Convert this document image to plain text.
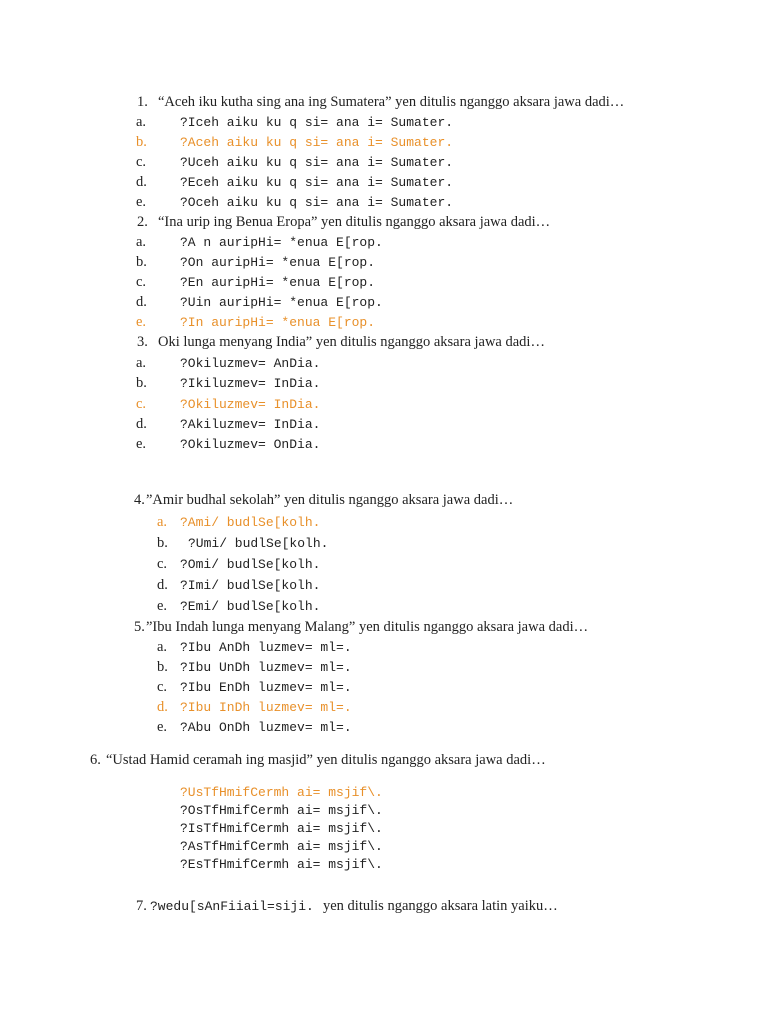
1. “Aceh iku kutha sing ana ing Sumatera” yen ditulis nganggo aksara jawa dadi…
a.	?Iceh aiku ku q si= ana i= Sumater.
b.	?Aceh aiku ku q si= ana i= Sumater.
c.	?Uceh aiku ku q si= ana i= Sumater.
d.	?Eceh aiku ku q si= ana i= Sumater.
e.	?Oceh aiku ku q si= ana i= Sumater.
2. “Ina urip ing Benua Eropa” yen ditulis nganggo aksara jawa dadi…
a.	?A n auripHi= *enua E[rop.
b.	?On auripHi= *enua E[rop.
c.	?En auripHi= *enua E[rop.
d.	?Uin auripHi= *enua E[rop.
e.	?In auripHi= *enua E[rop.
3. Oki lunga menyang India” yen ditulis nganggo aksara jawa dadi…
a.	?Okiluzmev= AnDia.
b.	?Ikiluzmev= InDia.
c.	?Okiluzmev= InDia.
d.	?Akiluzmev= InDia.
e.	?Okiluzmev= OnDia.
4. ”Amir budhal sekolah” yen ditulis nganggo aksara jawa dadi…
a. ?Ami/ budlSe[kolh.
b. ?Umi/ budlSe[kolh.
c. ?Omi/ budlSe[kolh.
d. ?Imi/ budlSe[kolh.
e. ?Emi/ budlSe[kolh.
5. ”Ibu Indah lunga menyang Malang” yen ditulis nganggo aksara jawa dadi…
a. ?Ibu AnDh luzmev= ml=.
b. ?Ibu UnDh luzmev= ml=.
c. ?Ibu EnDh luzmev= ml=.
d. ?Ibu InDh luzmev= ml=.
e. ?Abu OnDh luzmev= ml=.
6. “Ustad Hamid ceramah ing masjid” yen ditulis nganggo aksara jawa dadi…
?UsTfHmifCermh ai= msjif\.
?OsTfHmifCermh ai= msjif\.
?IsTfHmifCermh ai= msjif\.
?AsTfHmifCermh ai= msjif\.
?EsTfHmifCermh ai= msjif\.
7. ?wedu[sAnFiiail=siji. yen ditulis nganggo aksara latin yaiku…
